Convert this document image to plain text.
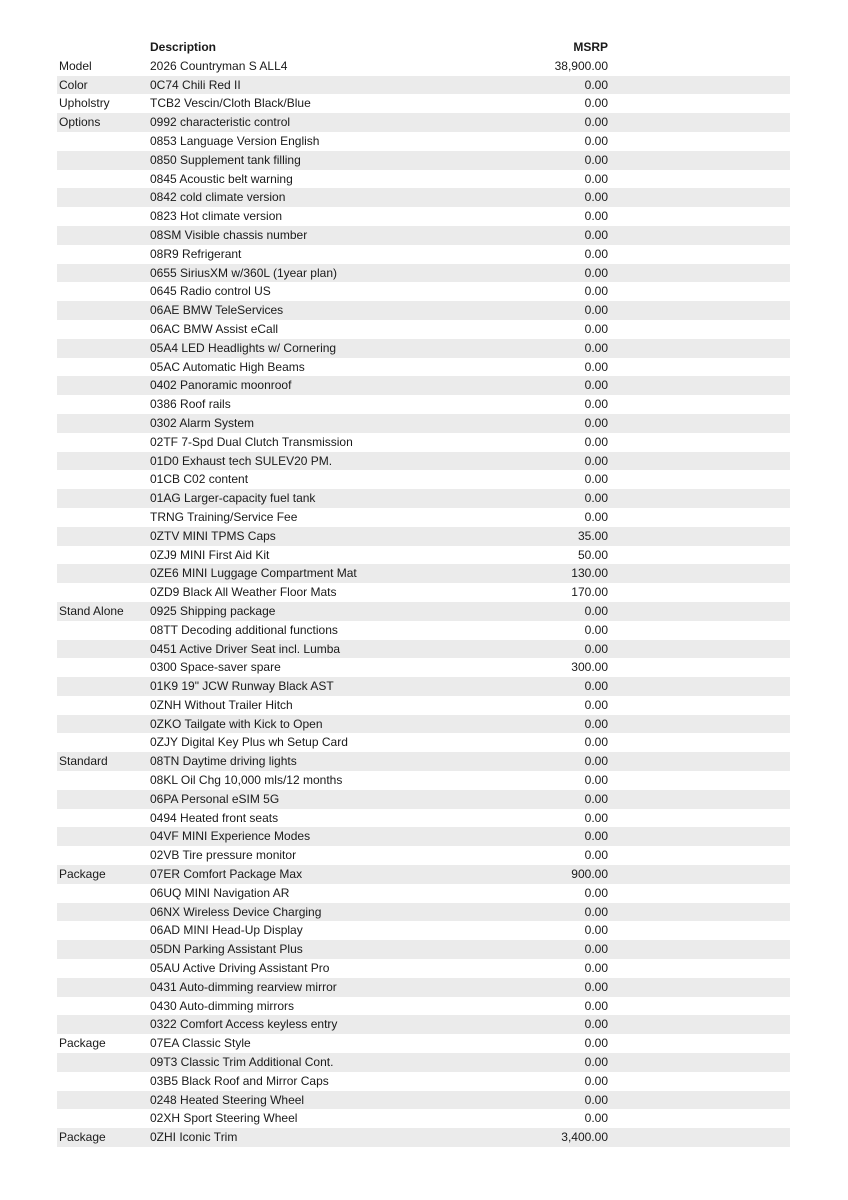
	Description	MSRP	
Model	2026 Countryman S ALL4	38,900.00	
Color	0C74 Chili Red II	0.00	
Upholstry	TCB2 Vescin/Cloth Black/Blue	0.00	
Options	0992 characteristic control	0.00	
	0853 Language Version English	0.00	
	0850 Supplement tank filling	0.00	
	0845 Acoustic belt warning	0.00	
	0842 cold climate version	0.00	
	0823 Hot climate version	0.00	
	08SM Visible chassis number	0.00	
	08R9 Refrigerant	0.00	
	0655 SiriusXM w/360L (1year plan)	0.00	
	0645 Radio control US	0.00	
	06AE BMW TeleServices	0.00	
	06AC BMW Assist eCall	0.00	
	05A4 LED Headlights w/ Cornering	0.00	
	05AC Automatic High Beams	0.00	
	0402 Panoramic moonroof	0.00	
	0386 Roof rails	0.00	
	0302 Alarm System	0.00	
	02TF 7-Spd Dual Clutch Transmission	0.00	
	01D0 Exhaust tech SULEV20 PM.	0.00	
	01CB C02 content	0.00	
	01AG Larger-capacity fuel tank	0.00	
	TRNG Training/Service Fee	0.00	
	0ZTV MINI TPMS Caps	35.00	
	0ZJ9 MINI First Aid Kit	50.00	
	0ZE6 MINI Luggage Compartment Mat	130.00	
	0ZD9 Black All Weather Floor Mats	170.00	
Stand Alone	0925 Shipping package	0.00	
	08TT Decoding additional functions	0.00	
	0451 Active Driver Seat incl. Lumba	0.00	
	0300 Space-saver spare	300.00	
	01K9 19" JCW Runway Black AST	0.00	
	0ZNH Without Trailer Hitch	0.00	
	0ZKO Tailgate with Kick to Open	0.00	
	0ZJY Digital Key Plus wh Setup Card	0.00	
Standard	08TN Daytime driving lights	0.00	
	08KL Oil Chg 10,000 mls/12 months	0.00	
	06PA Personal eSIM 5G	0.00	
	0494 Heated front seats	0.00	
	04VF MINI Experience Modes	0.00	
	02VB Tire pressure monitor	0.00	
Package	07ER Comfort Package Max	900.00	
	06UQ MINI Navigation AR	0.00	
	06NX Wireless Device Charging	0.00	
	06AD MINI Head-Up Display	0.00	
	05DN Parking Assistant Plus	0.00	
	05AU Active Driving Assistant Pro	0.00	
	0431 Auto-dimming rearview mirror	0.00	
	0430 Auto-dimming mirrors	0.00	
	0322 Comfort Access keyless entry	0.00	
Package	07EA Classic Style	0.00	
	09T3 Classic Trim Additional Cont.	0.00	
	03B5 Black Roof and Mirror Caps	0.00	
	0248 Heated Steering Wheel	0.00	
	02XH Sport Steering Wheel	0.00	
Package	0ZHI Iconic Trim	3,400.00	
